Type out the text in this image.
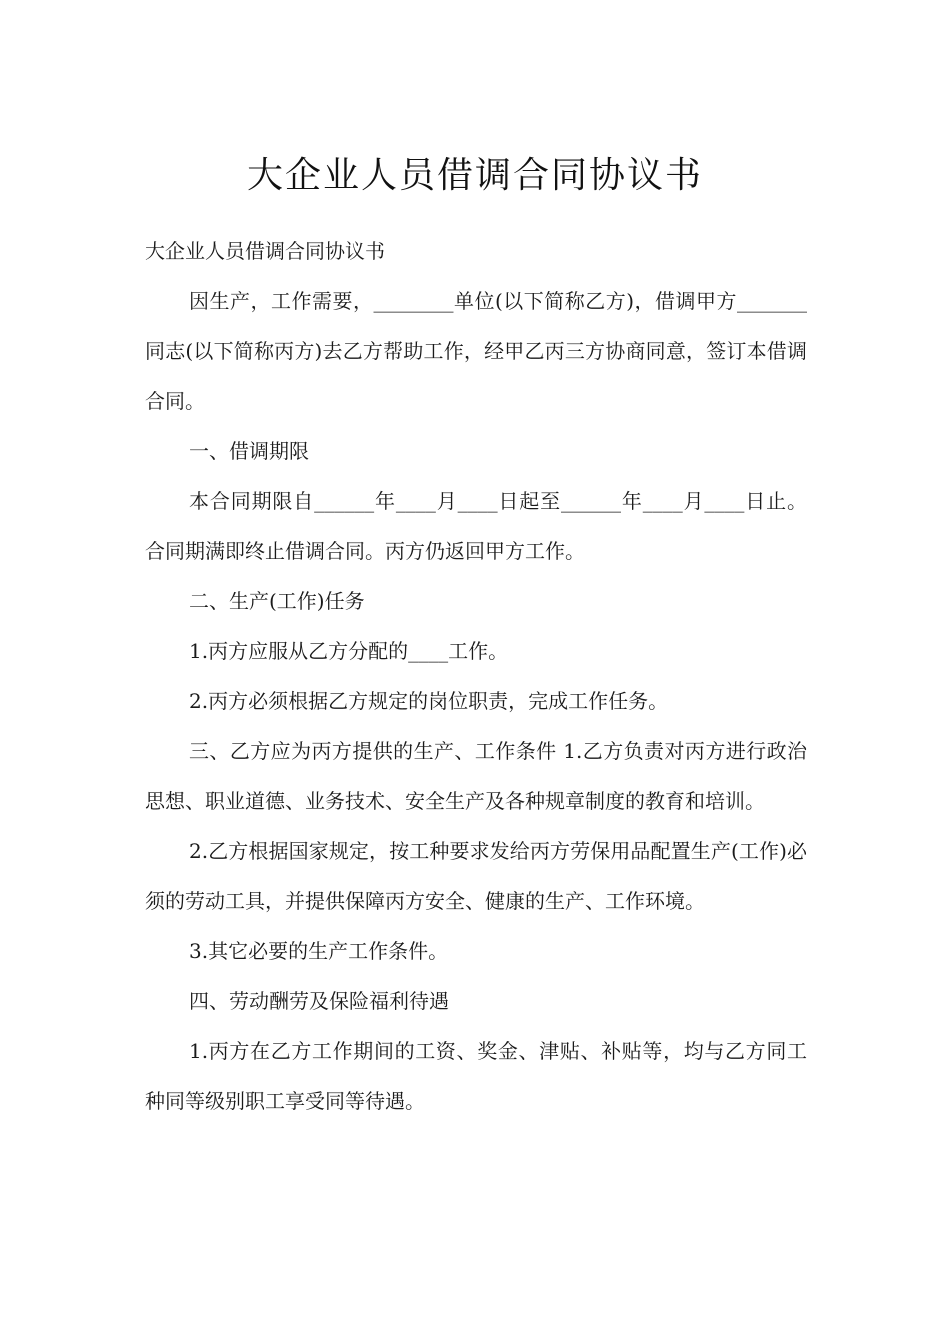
大企业人员借调合同协议书

大企业人员借调合同协议书

因生产，工作需要，________单位(以下简称乙方)，借调甲方_______同志(以下简称丙方)去乙方帮助工作，经甲乙丙三方协商同意，签订本借调合同。

一、借调期限

本合同期限自______年____月____日起至______年____月____日止。合同期满即终止借调合同。丙方仍返回甲方工作。

二、生产(工作)任务

1.丙方应服从乙方分配的____工作。

2.丙方必须根据乙方规定的岗位职责，完成工作任务。

三、乙方应为丙方提供的生产、工作条件 1.乙方负责对丙方进行政治思想、职业道德、业务技术、安全生产及各种规章制度的教育和培训。

2.乙方根据国家规定，按工种要求发给丙方劳保用品配置生产(工作)必须的劳动工具，并提供保障丙方安全、健康的生产、工作环境。

3.其它必要的生产工作条件。

四、劳动酬劳及保险福利待遇

1.丙方在乙方工作期间的工资、奖金、津贴、补贴等，均与乙方同工种同等级别职工享受同等待遇。
